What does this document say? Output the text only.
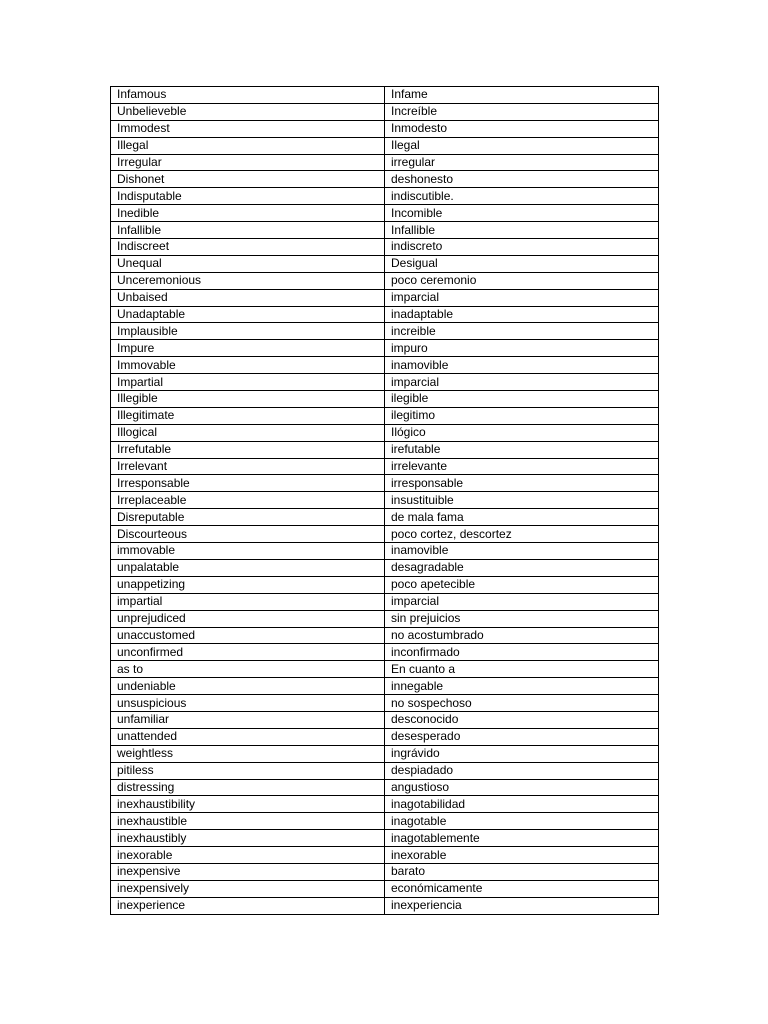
Infamous	Infame
Unbelieveble	Increíble
Immodest	Inmodesto
Illegal	Ilegal
Irregular	irregular
Dishonet	deshonesto
Indisputable	indiscutible.
Inedible	Incomible
Infallible	Infallible
Indiscreet	indiscreto
Unequal	Desigual
Unceremonious	poco ceremonio
Unbaised	imparcial
Unadaptable	inadaptable
Implausible	increible
Impure	impuro
Immovable	inamovible
Impartial	imparcial
Illegible	ilegible
Illegitimate	ilegitimo
Illogical	Ilógico
Irrefutable	irefutable
Irrelevant	irrelevante
Irresponsable	irresponsable
Irreplaceable	insustituible
Disreputable	de mala fama
Discourteous	poco cortez, descortez
immovable	inamovible
unpalatable	desagradable
unappetizing	poco apetecible
impartial	imparcial
unprejudiced	sin prejuicios
unaccustomed	no acostumbrado
unconfirmed	inconfirmado
as to	En cuanto a
undeniable	innegable
unsuspicious	no sospechoso
unfamiliar	desconocido
unattended	desesperado
weightless	ingrávido
pitiless	despiadado
distressing	angustioso
inexhaustibility	inagotabilidad
inexhaustible	inagotable
inexhaustibly	inagotablemente
inexorable	inexorable
inexpensive	barato
inexpensively	económicamente
inexperience	inexperiencia
